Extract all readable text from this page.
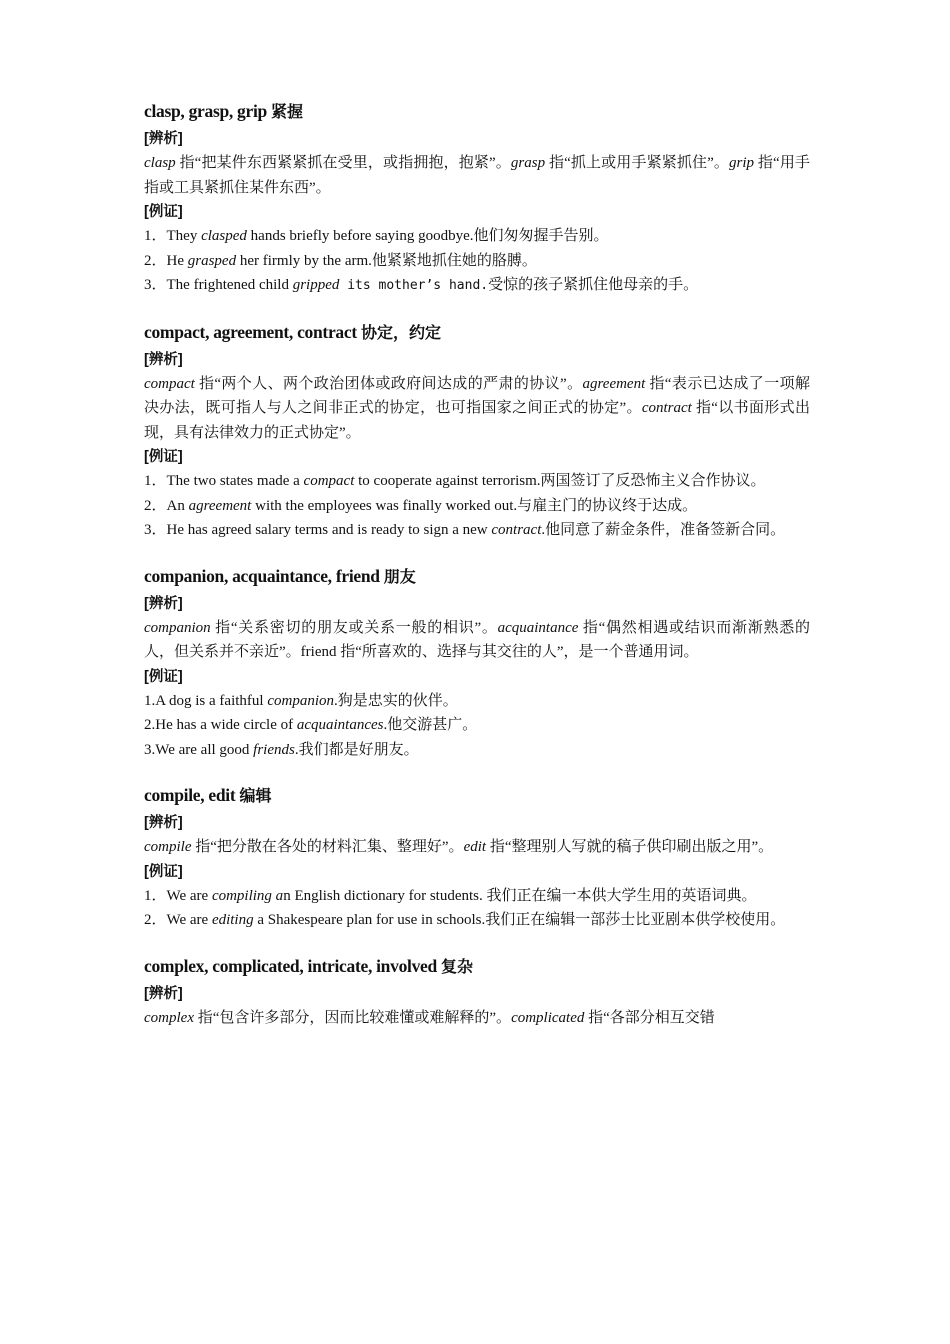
clasp, grasp, grip 紧握
[辨析]
clasp 指“把某件东西紧紧抓在受里，或指拥抱，抱紧”。grasp 指“抓上或用手紧紧抓住”。grip 指“用手指或工具紧抓住某件东西”。
[例证]
1．They clasped hands briefly before saying goodbye.他们匆匆握手告别。
2．He grasped her firmly by the arm.他紧紧地抓住她的胳膊。
3．The frightened child gripped its mother’s hand.受惊的孩子紧抓住他母亲的手。
compact, agreement, contract 协定，约定
[辨析]
compact 指“两个人、两个政治团体或政府间达成的严肃的协议”。agreement 指“表示已达成了一项解决办法，既可指人与人之间非正式的协定，也可指国家之间正式的协定”。contract 指“以书面形式出现，具有法律效力的正式协定”。
[例证]
1．The two states made a compact to cooperate against terrorism.两国签订了反恐怖主义合作协议。
2．An agreement with the employees was finally worked out.与雇主门的协议终于达成。
3．He has agreed salary terms and is ready to sign a new contract.他同意了薪金条件，准备签新合同。
companion, acquaintance, friend 朋友
[辨析]
companion 指“关系密切的朋友或关系一般的相识”。acquaintance 指“偶然相遇或结识而渐渐熟悉的人，但关系并不亲近”。friend 指“所喜欢的、选择与其交往的人”，是一个普通用词。
[例证]
1.A dog is a faithful companion.狗是忠实的伙伴。
2.He has a wide circle of acquaintances.他交游甚广。
3.We are all good friends.我们都是好朋友。
compile, edit 编辑
[辨析]
compile 指“把分散在各处的材料汇集、整理好”。edit 指“整理别人写就的稿子供印刷出版之用”。
[例证]
1．We are compiling an English dictionary for students. 我们正在编一本供大学生用的英语词典。
2．We are editing a Shakespeare plan for use in schools.我们正在编辑一部莎士比亚剧本供学校使用。
complex, complicated, intricate, involved 复杂
[辨析]
complex 指“包含许多部分，因而比较难懂或难解释的”。complicated 指“各部分相互交错
